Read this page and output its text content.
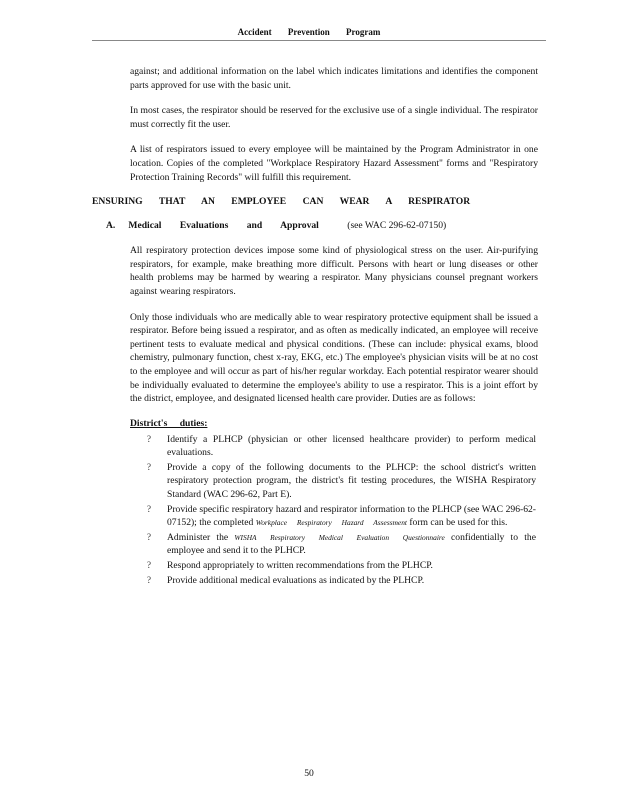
Accident Prevention Program

against; and additional information on the label which indicates limitations and identifies the component parts approved for use with the basic unit.

In most cases, the respirator should be reserved for the exclusive use of a single individual. The respirator must correctly fit the user.

A list of respirators issued to every employee will be maintained by the Program Administrator in one location. Copies of the completed "Workplace Respiratory Hazard Assessment" forms and "Respiratory Protection Training Records" will fulfill this requirement.

ENSURING THAT AN EMPLOYEE CAN WEAR A RESPIRATOR
A. Medical Evaluations and Approval	(see WAC 296-62-07150)

All respiratory protection devices impose some kind of physiological stress on the user. Air-purifying respirators, for example, make breathing more difficult. Persons with heart or lung diseases or other health problems may be harmed by wearing a respirator. Many physicians counsel pregnant workers against wearing respirators.

Only those individuals who are medically able to wear respiratory protective equipment shall be issued a respirator. Before being issued a respirator, and as often as medically indicated, an employee will receive pertinent tests to evaluate medical and physical conditions. (These can include: physical exams, blood chemistry, pulmonary function, chest x-ray, EKG, etc.) The employee's physician visits will be at no cost to the employee and will occur as part of his/her regular workday. Each potential respirator wearer should be individually evaluated to determine the employee's ability to use a respirator. This is a joint effort by the district, employee, and designated licensed health care provider. Duties are as follows:

District's duties:
? Identify a PLHCP (physician or other licensed healthcare provider) to perform medical evaluations.
? Provide a copy of the following documents to the PLHCP: the school district's written respiratory protection program, the district's fit testing procedures, the WISHA Respiratory Standard (WAC 296-62, Part E).
? Provide specific respiratory hazard and respirator information to the PLHCP (see WAC 296-62-07152); the completed Workplace Respiratory Hazard Assessment form can be used for this.
? Administer the WISHA Respiratory Medical Evaluation Questionnaire confidentially to the employee and send it to the PLHCP.
? Respond appropriately to written recommendations from the PLHCP.
? Provide additional medical evaluations as indicated by the PLHCP.
50
